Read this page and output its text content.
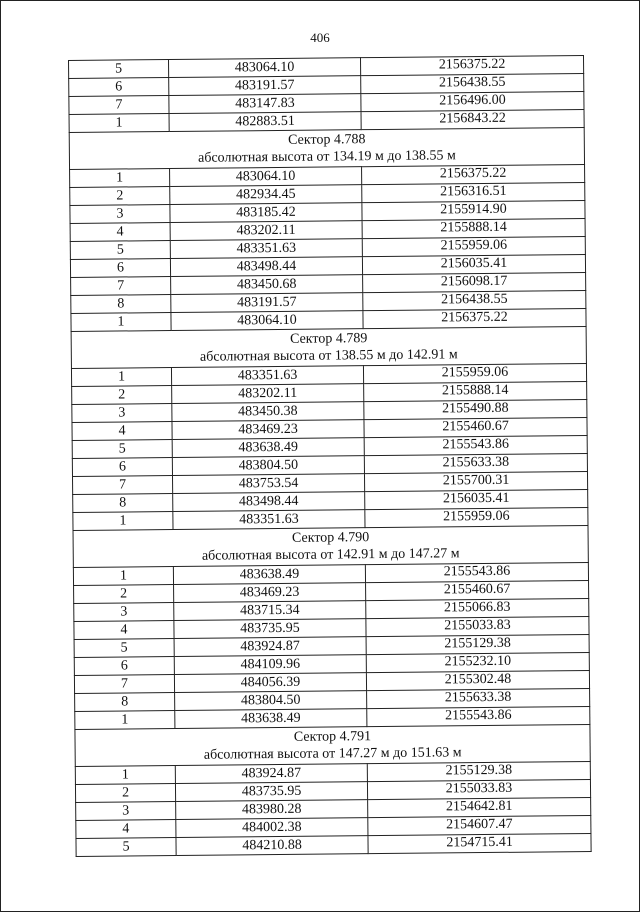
406
5	483064.10	2156375.22
6	483191.57	2156438.55
7	483147.83	2156496.00
1	482883.51	2156843.22

Сектор 4.788
абсолютная высота от 134.19 м до 138.55 м		

1	483064.10	2156375.22
2	482934.45	2156316.51
3	483185.42	2155914.90
4	483202.11	2155888.14
5	483351.63	2155959.06
6	483498.44	2156035.41
7	483450.68	2156098.17
8	483191.57	2156438.55
1	483064.10	2156375.22

Сектор 4.789
абсолютная высота от 138.55 м до 142.91 м		

1	483351.63	2155959.06
2	483202.11	2155888.14
3	483450.38	2155490.88
4	483469.23	2155460.67
5	483638.49	2155543.86
6	483804.50	2155633.38
7	483753.54	2155700.31
8	483498.44	2156035.41
1	483351.63	2155959.06

Сектор 4.790
абсолютная высота от 142.91 м до 147.27 м		

1	483638.49	2155543.86
2	483469.23	2155460.67
3	483715.34	2155066.83
4	483735.95	2155033.83
5	483924.87	2155129.38
6	484109.96	2155232.10
7	484056.39	2155302.48
8	483804.50	2155633.38
1	483638.49	2155543.86

Сектор 4.791
абсолютная высота от 147.27 м до 151.63 м		

1	483924.87	2155129.38
2	483735.95	2155033.83
3	483980.28	2154642.81
4	484002.38	2154607.47
5	484210.88	2154715.41
